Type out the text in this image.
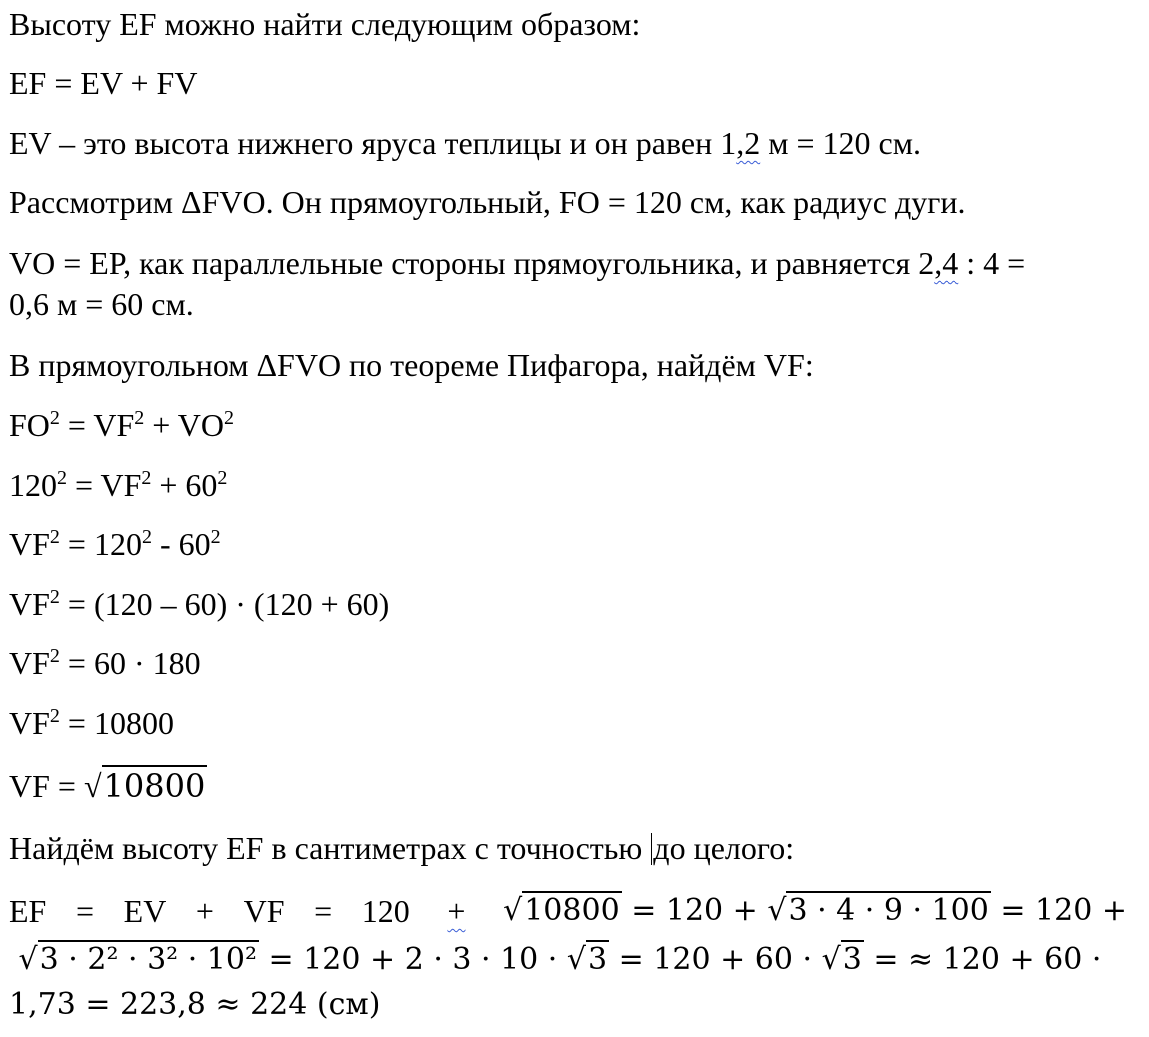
Высоту EF можно найти следующим образом:
EF = EV + FV
EV – это высота нижнего яруса теплицы и он равен 1,2 м = 120 см.
Рассмотрим ΔFVO. Он прямоугольный, FO = 120 см, как радиус дуги.
VO = EP, как параллельные стороны прямоугольника, и равняется 2,4 : 4 =
0,6 м = 60 см.
В прямоугольном ΔFVO по теореме Пифагора, найдём VF:
$FO^2 = VF^2 + VO^2$
$120^2 = VF^2 + 60^2$
$VF^2 = 120^2 - 60^2$
$VF^2 = (120 - 60) \cdot (120 + 60)$
$VF^2 = 60 \cdot 180$
$VF^2 = 10800$
VF = √10800
Найдём высоту EF в сантиметрах с точностью до целого:
EF = EV + VF = 120 + √10800 = 120 + √3 · 4 · 9 · 100 = 120 +
√3 · 2² · 3² · 10² = 120 + 2 · 3 · 10 · √3 = 120 + 60 · √3 = ≈ 120 + 60 ·
1,73 = 223,8 ≈ 224 (см)
